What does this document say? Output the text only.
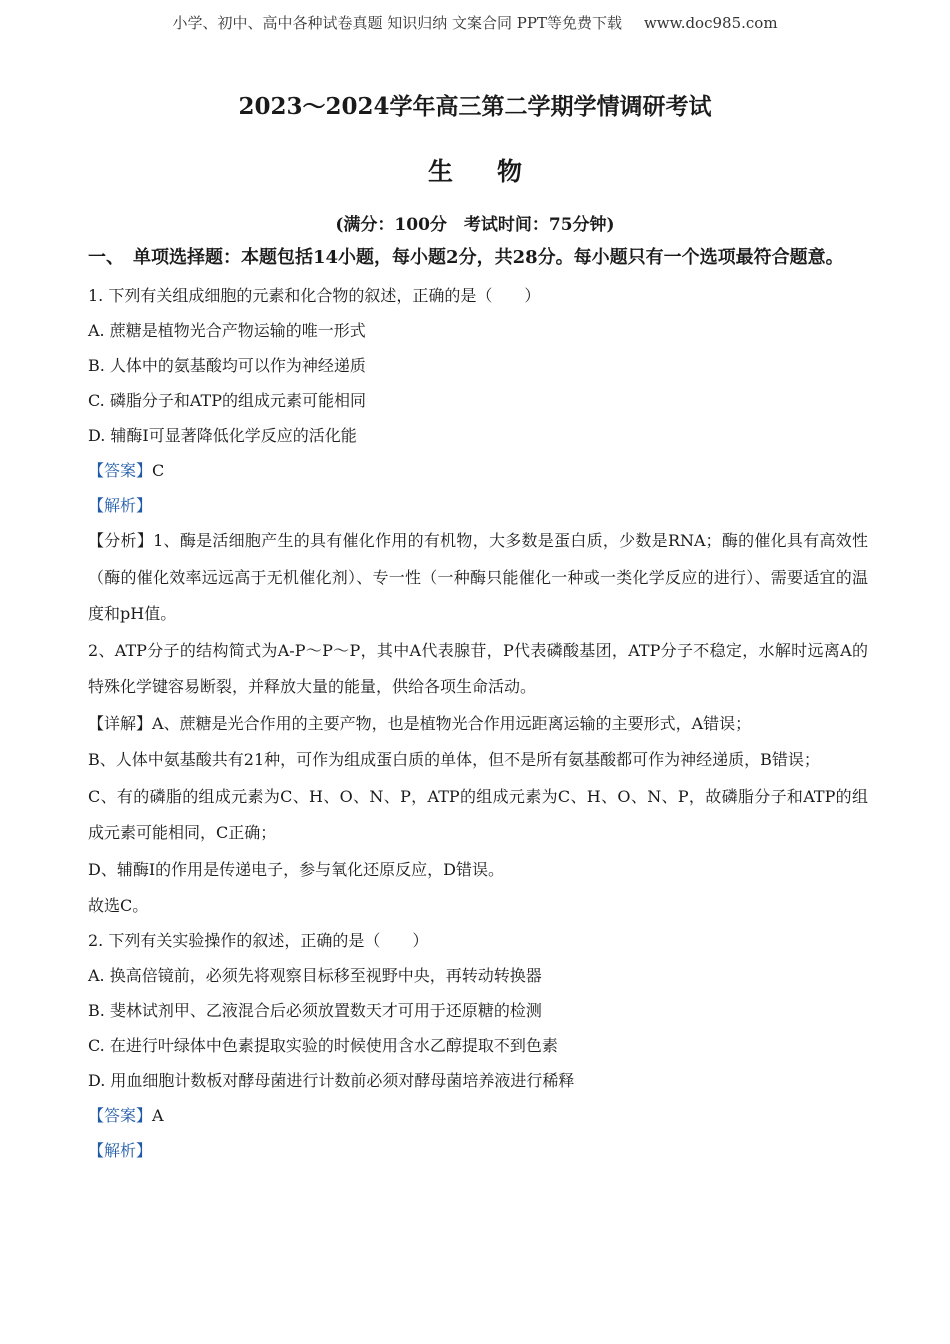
小学、初中、高中各种试卷真题 知识归纳 文案合同 PPT等免费下载 www.doc985.com
2023～2024学年高三第二学期学情调研考试
生物
(满分：100分　考试时间：75分钟)
一、　单项选择题：本题包括14小题，每小题2分，共28分。每小题只有一个选项最符合题意。
1. 下列有关组成细胞的元素和化合物的叙述，正确的是（　　）
A. 蔗糖是植物光合产物运输的唯一形式
B. 人体中的氨基酸均可以作为神经递质
C. 磷脂分子和ATP的组成元素可能相同
D. 辅酶Ⅰ可显著降低化学反应的活化能
【答案】C
【解析】
【分析】1、酶是活细胞产生的具有催化作用的有机物，大多数是蛋白质，少数是RNA；酶的催化具有高效性（酶的催化效率远远高于无机催化剂）、专一性（一种酶只能催化一种或一类化学反应的进行）、需要适宜的温度和pH值。
2、ATP分子的结构简式为A-P～P～P，其中A代表腺苷，P代表磷酸基团，ATP分子不稳定，水解时远离A的特殊化学键容易断裂，并释放大量的能量，供给各项生命活动。
【详解】A、蔗糖是光合作用的主要产物，也是植物光合作用远距离运输的主要形式，A错误；
B、人体中氨基酸共有21种，可作为组成蛋白质的单体，但不是所有氨基酸都可作为神经递质，B错误；
C、有的磷脂的组成元素为C、H、O、N、P，ATP的组成元素为C、H、O、N、P，故磷脂分子和ATP的组成元素可能相同，C正确；
D、辅酶Ⅰ的作用是传递电子，参与氧化还原反应，D错误。
故选C。
2. 下列有关实验操作的叙述，正确的是（　　）
A. 换高倍镜前，必须先将观察目标移至视野中央，再转动转换器
B. 斐林试剂甲、乙液混合后必须放置数天才可用于还原糖的检测
C. 在进行叶绿体中色素提取实验的时候使用含水乙醇提取不到色素
D. 用血细胞计数板对酵母菌进行计数前必须对酵母菌培养液进行稀释
【答案】A
【解析】
